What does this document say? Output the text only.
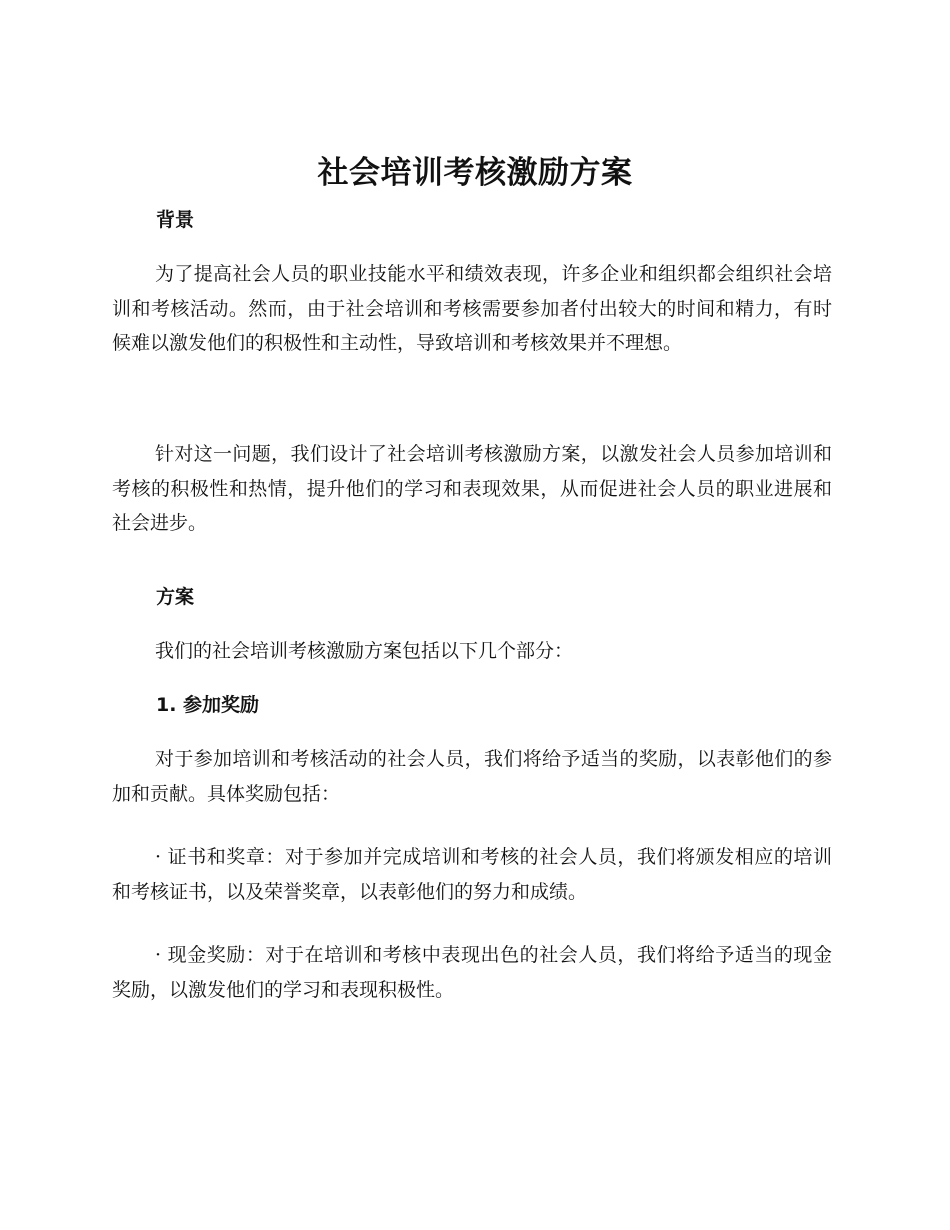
社会培训考核激励方案
背景

为了提高社会人员的职业技能水平和绩效表现，许多企业和组织都会组织社会培训和考核活动。然而，由于社会培训和考核需要参加者付出较大的时间和精力，有时候难以激发他们的积极性和主动性，导致培训和考核效果并不理想。

针对这一问题，我们设计了社会培训考核激励方案，以激发社会人员参加培训和考核的积极性和热情，提升他们的学习和表现效果，从而促进社会人员的职业进展和社会进步。

方案

我们的社会培训考核激励方案包括以下几个部分：

1. 参加奖励

对于参加培训和考核活动的社会人员，我们将给予适当的奖励，以表彰他们的参加和贡献。具体奖励包括：

· 证书和奖章：对于参加并完成培训和考核的社会人员，我们将颁发相应的培训和考核证书，以及荣誉奖章，以表彰他们的努力和成绩。

· 现金奖励：对于在培训和考核中表现出色的社会人员，我们将给予适当的现金奖励，以激发他们的学习和表现积极性。
